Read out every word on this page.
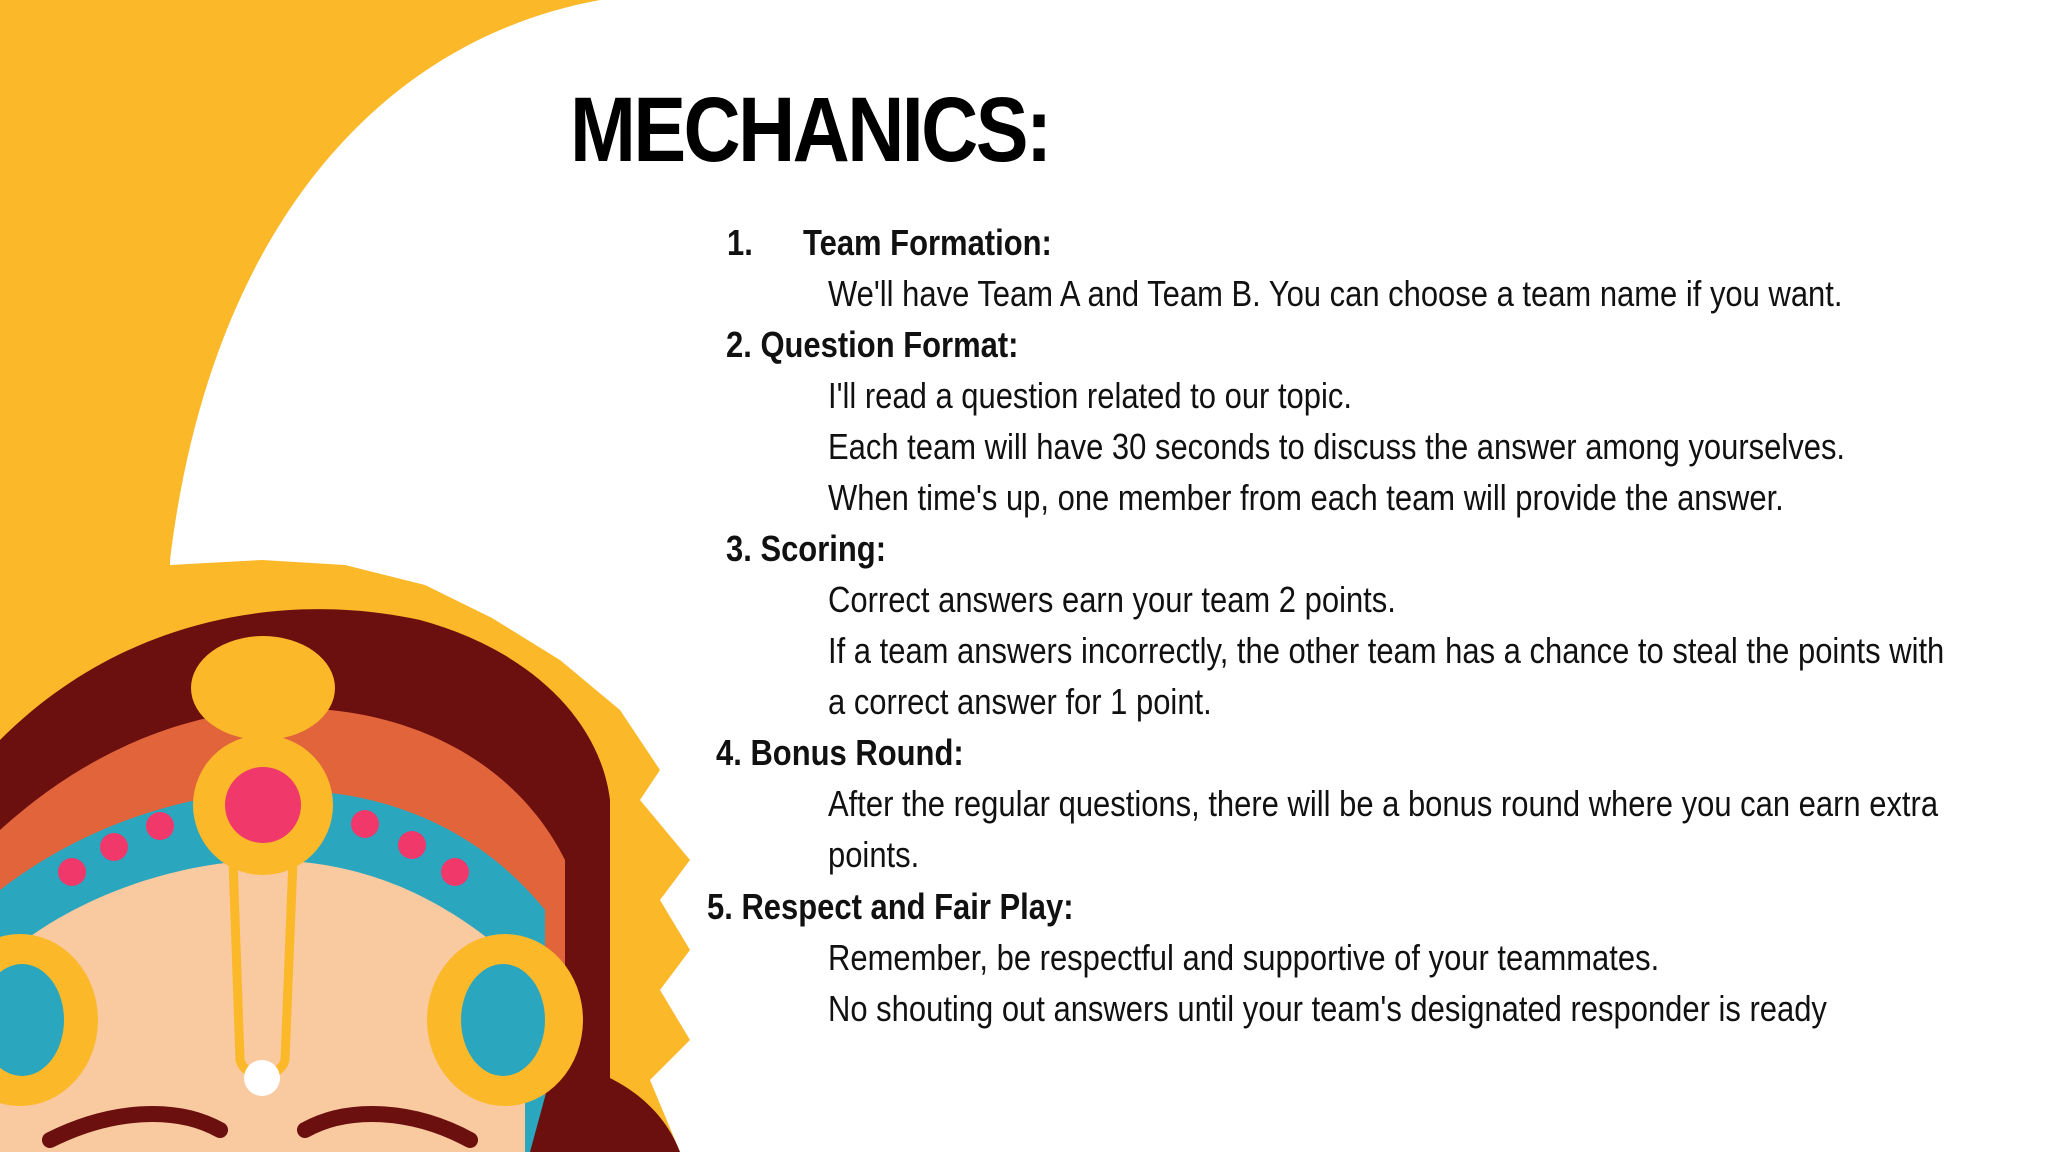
MECHANICS:
1. Team Formation:
We'll have Team A and Team B. You can choose a team name if you want.
2. Question Format:
I'll read a question related to our topic.
Each team will have 30 seconds to discuss the answer among yourselves.
When time's up, one member from each team will provide the answer.
3. Scoring:
Correct answers earn your team 2 points.
If a team answers incorrectly, the other team has a chance to steal the points with
a correct answer for 1 point.
4. Bonus Round:
After the regular questions, there will be a bonus round where you can earn extra
points.
5. Respect and Fair Play:
Remember, be respectful and supportive of your teammates.
No shouting out answers until your team's designated responder is ready
